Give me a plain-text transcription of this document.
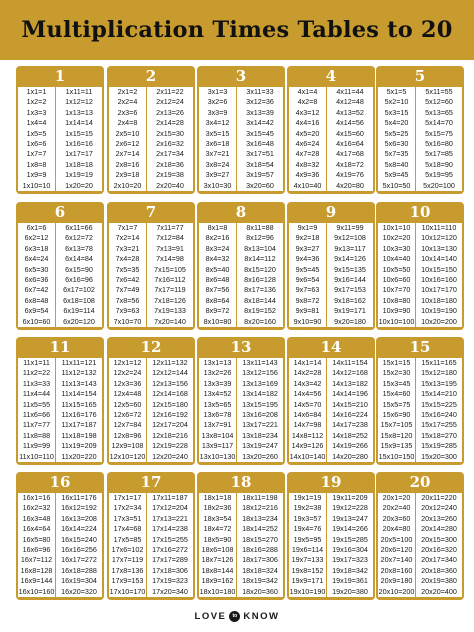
Multiplication Times Tables to 20
1
1x1=1
1x2=2
1x3=3
1x4=4
1x5=5
1x6=6
1x7=7
1x8=8
1x9=9
1x10=10
1x11=11
1x12=12
1x13=13
1x14=14
1x15=15
1x16=16
1x17=17
1x18=18
1x19=19
1x20=20
2
2x1=2
2x2=4
2x3=6
2x4=8
2x5=10
2x6=12
2x7=14
2x8=16
2x9=18
2x10=20
2x11=22
2x12=24
2x13=26
2x14=28
2x15=30
2x16=32
2x17=34
2x18=36
2x19=38
2x20=40
3
3x1=3
3x2=6
3x3=9
3x4=12
3x5=15
3x6=18
3x7=21
3x8=24
3x9=27
3x10=30
3x11=33
3x12=36
3x13=39
3x14=42
3x15=45
3x16=48
3x17=51
3x18=54
3x19=57
3x20=60
4
4x1=4
4x2=8
4x3=12
4x4=16
4x5=20
4x6=24
4x7=28
4x8=32
4x9=36
4x10=40
4x11=44
4x12=48
4x13=52
4x14=56
4x15=60
4x16=64
4x17=68
4x18=72
4x19=76
4x20=80
5
5x1=5
5x2=10
5x3=15
5x4=20
5x5=25
5x6=30
5x7=35
5x8=40
5x9=45
5x10=50
5x11=55
5x12=60
5x13=65
5x14=70
5x15=75
5x16=80
5x17=85
5x18=90
5x19=95
5x20=100
6
6x1=6
6x2=12
6x3=18
6x4=24
6x5=30
6x6=36
6x7=42
6x8=48
6x9=54
6x10=60
6x11=66
6x12=72
6x13=78
6x14=84
6x15=90
6x16=96
6x17=102
6x18=108
6x19=114
6x20=120
7
7x1=7
7x2=14
7x3=21
7x4=28
7x5=35
7x6=42
7x7=49
7x8=56
7x9=63
7x10=70
7x11=77
7x12=84
7x13=91
7x14=98
7x15=105
7x16=112
7x17=119
7x18=126
7x19=133
7x20=140
8
8x1=8
8x2=16
8x3=24
8x4=32
8x5=40
8x6=48
8x7=56
8x8=64
8x9=72
8x10=80
8x11=88
8x12=96
8x13=104
8x14=112
8x15=120
8x16=128
8x17=136
8x18=144
8x19=152
8x20=160
9
9x1=9
9x2=18
9x3=27
9x4=36
9x5=45
9x6=54
9x7=63
9x8=72
9x9=81
9x10=90
9x11=99
9x12=108
9x13=117
9x14=126
9x15=135
9x16=144
9x17=153
9x18=162
9x19=171
9x20=180
10
10x1=10
10x2=20
10x3=30
10x4=40
10x5=50
10x6=60
10x7=70
10x8=80
10x9=90
10x10=100
10x11=110
10x12=120
10x13=130
10x14=140
10x15=150
10x16=160
10x17=170
10x18=180
10x19=190
10x20=200
11
11x1=11
11x2=22
11x3=33
11x4=44
11x5=55
11x6=66
11x7=77
11x8=88
11x9=99
11x10=110
11x11=121
11x12=132
11x13=143
11x14=154
11x15=165
11x16=176
11x17=187
11x18=198
11x19=209
11x20=220
12
12x1=12
12x2=24
12x3=36
12x4=48
12x5=60
12x6=72
12x7=84
12x8=96
12x9=108
12x10=120
12x11=132
12x12=144
12x13=156
12x14=168
12x15=180
12x16=192
12x17=204
12x18=216
12x19=228
12x20=240
13
13x1=13
13x2=26
13x3=39
13x4=52
13x5=65
13x6=78
13x7=91
13x8=104
13x9=117
13x10=130
13x11=143
13x12=156
13x13=169
13x14=182
13x15=195
13x16=208
13x17=221
13x18=234
13x19=247
13x20=260
14
14x1=14
14x2=28
14x3=42
14x4=56
14x5=70
14x6=84
14x7=98
14x8=112
14x9=126
14x10=140
14x11=154
14x12=168
14x13=182
14x14=196
14x15=210
14x16=224
14x17=238
14x18=252
14x19=266
14x20=280
15
15x1=15
15x2=30
15x3=45
15x4=60
15x5=75
15x6=90
15x7=105
15x8=120
15x9=135
15x10=150
15x11=165
15x12=180
15x13=195
15x14=210
15x15=225
15x16=240
15x17=255
15x18=270
15x19=285
15x20=300
16
16x1=16
16x2=32
16x3=48
16x4=64
16x5=80
16x6=96
16x7=112
16x8=128
16x9=144
16x10=160
16x11=176
16x12=192
16x13=208
16x14=224
16x15=240
16x16=256
16x17=272
16x18=288
16x19=304
16x20=320
17
17x1=17
17x2=34
17x3=51
17x4=68
17x5=85
17x6=102
17x7=119
17x8=136
17x9=153
17x10=170
17x11=187
17x12=204
17x13=221
17x14=238
17x15=255
17x16=272
17x17=289
17x18=306
17x19=323
17x20=340
18
18x1=18
18x2=36
18x3=54
18x4=72
18x5=90
18x6=108
18x7=126
18x8=144
18x9=162
18x10=180
18x11=198
18x12=216
18x13=234
18x14=252
18x15=270
18x16=288
18x17=306
18x18=324
18x19=342
18x20=360
19
19x1=19
19x2=38
19x3=57
19x4=76
19x5=95
19x6=114
19x7=133
19x8=152
19x9=171
19x10=190
19x11=209
19x12=228
19x13=247
19x14=266
19x15=285
19x16=304
19x17=323
19x18=342
19x19=361
19x20=380
20
20x1=20
20x2=40
20x3=60
20x4=80
20x5=100
20x6=120
20x7=140
20x8=160
20x9=180
20x10=200
20x11=220
20x12=240
20x13=260
20x14=280
20x15=300
20x16=320
20x17=340
20x18=360
20x19=380
20x20=400
LOVE	to KNOW
